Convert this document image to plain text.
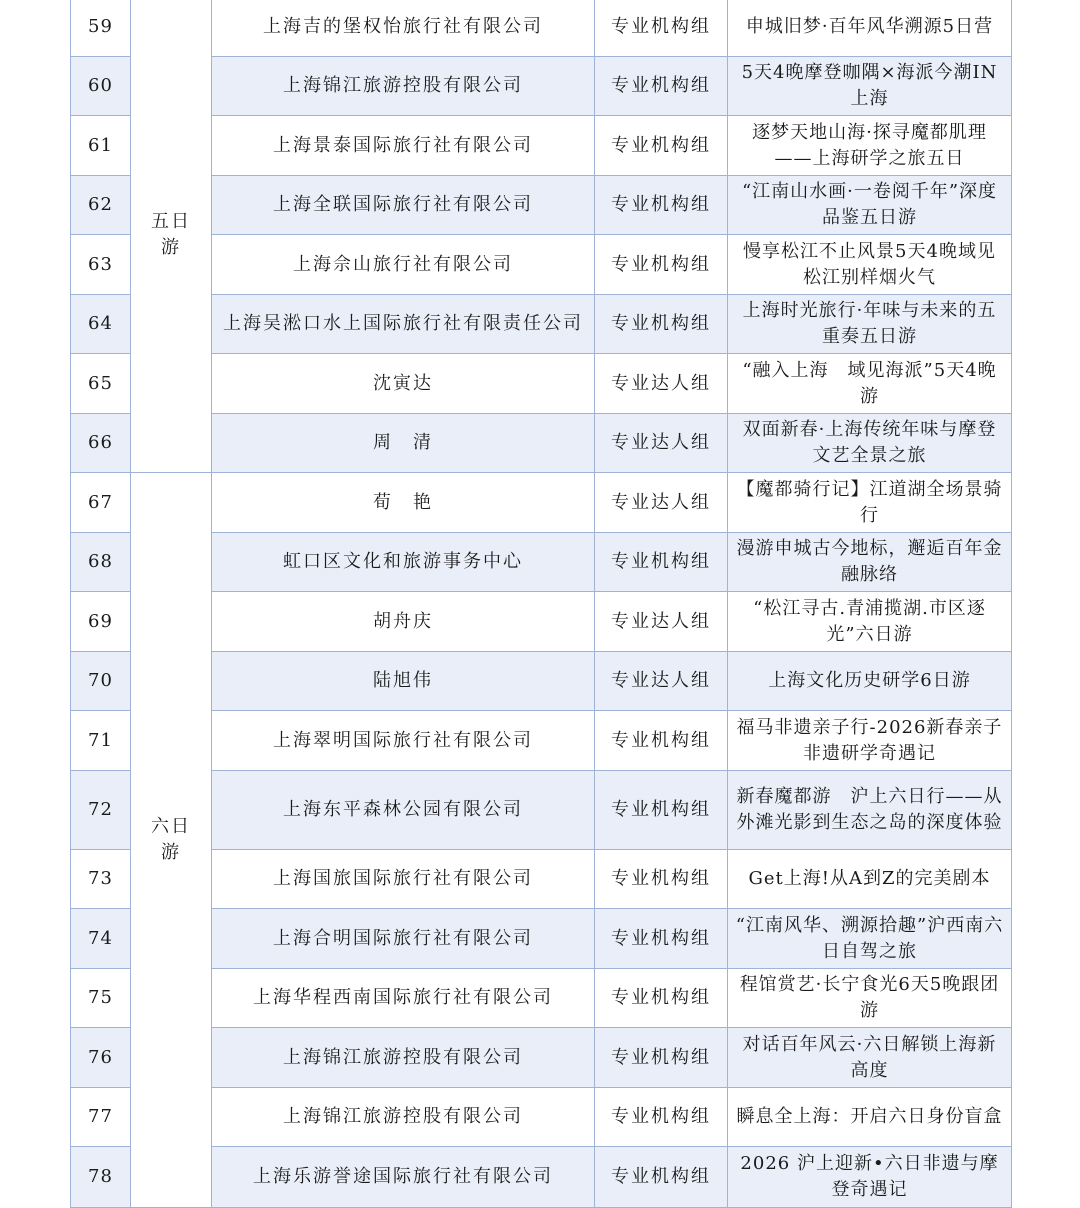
59	五日游	上海吉的堡权怡旅行社有限公司	专业机构组	申城旧梦·百年风华溯源5日营
60		上海锦江旅游控股有限公司	专业机构组	5天4晚摩登咖隅×海派今潮IN上海
61		上海景泰国际旅行社有限公司	专业机构组	逐梦天地山海·探寻魔都肌理——上海研学之旅五日
62		上海全联国际旅行社有限公司	专业机构组	“江南山水画·一卷阅千年”深度品鉴五日游
63		上海佘山旅行社有限公司	专业机构组	慢享松江不止风景5天4晚域见松江别样烟火气
64		上海吴淞口水上国际旅行社有限责任公司	专业机构组	上海时光旅行·年味与未来的五重奏五日游
65		沈寅达	专业达人组	“融入上海　域见海派”5天4晚游
66		周　清	专业达人组	双面新春·上海传统年味与摩登文艺全景之旅
67	六日游	荀　艳	专业达人组	【魔都骑行记】江道湖全场景骑行
68		虹口区文化和旅游事务中心	专业机构组	漫游申城古今地标，邂逅百年金融脉络
69		胡舟庆	专业达人组	“松江寻古.青浦揽湖.市区逐光”六日游
70		陆旭伟	专业达人组	上海文化历史研学6日游
71		上海翠明国际旅行社有限公司	专业机构组	福马非遗亲子行-2026新春亲子非遗研学奇遇记
72		上海东平森林公园有限公司	专业机构组	新春魔都游　沪上六日行——从外滩光影到生态之岛的深度体验
73		上海国旅国际旅行社有限公司	专业机构组	Get上海!从A到Z的完美剧本
74		上海合明国际旅行社有限公司	专业机构组	“江南风华、溯源拾趣”沪西南六日自驾之旅
75		上海华程西南国际旅行社有限公司	专业机构组	程馆赏艺·长宁食光6天5晚跟团游
76		上海锦江旅游控股有限公司	专业机构组	对话百年风云·六日解锁上海新高度
77		上海锦江旅游控股有限公司	专业机构组	瞬息全上海：开启六日身份盲盒
78		上海乐游誉途国际旅行社有限公司	专业机构组	2026 沪上迎新•六日非遗与摩登奇遇记
